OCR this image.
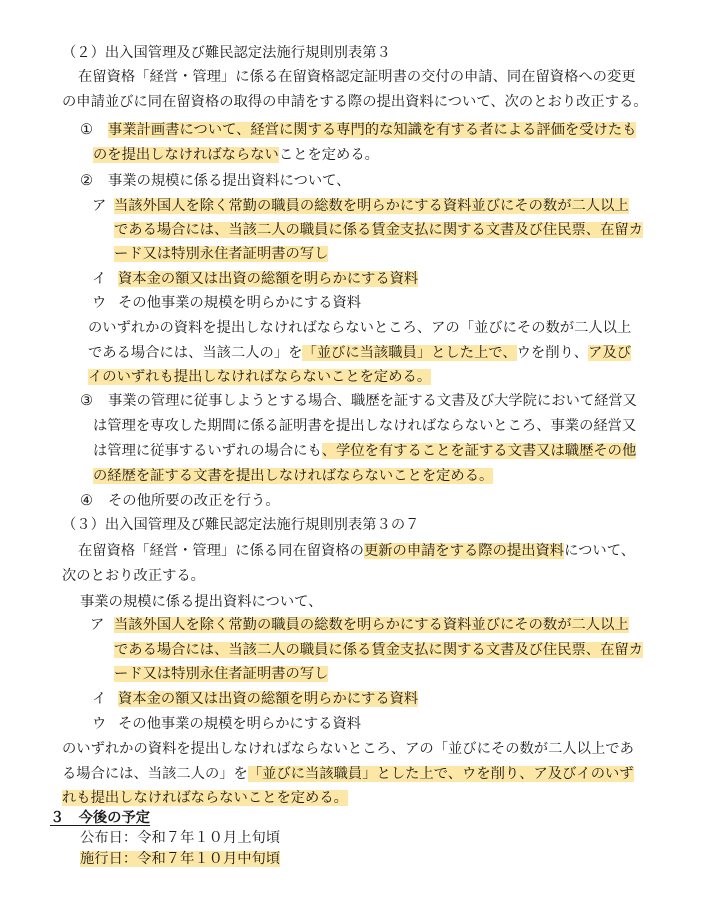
（２）出入国管理及び難民認定法施行規則別表第３
在留資格「経営・管理」に係る在留資格認定証明書の交付の申請、同在留資格への変更
の申請並びに同在留資格の取得の申請をする際の提出資料について、次のとおり改正する。
① 事業計画書について、経営に関する専門的な知識を有する者による評価を受けたも
のを提出しなければならないことを定める。
② 事業の規模に係る提出資料について、
ア 当該外国人を除く常勤の職員の総数を明らかにする資料並びにその数が二人以上
である場合には、当該二人の職員に係る賃金支払に関する文書及び住民票、在留カ
ード又は特別永住者証明書の写し
イ 資本金の額又は出資の総額を明らかにする資料
ウ その他事業の規模を明らかにする資料
のいずれかの資料を提出しなければならないところ、アの「並びにその数が二人以上
である場合には、当該二人の」を「並びに当該職員」とした上で、ウを削り、ア及び
イのいずれも提出しなければならないことを定める。
③ 事業の管理に従事しようとする場合、職歴を証する文書及び大学院において経営又
は管理を専攻した期間に係る証明書を提出しなければならないところ、事業の経営又
は管理に従事するいずれの場合にも、学位を有することを証する文書又は職歴その他
の経歴を証する文書を提出しなければならないことを定める。
④ その他所要の改正を行う。
（３）出入国管理及び難民認定法施行規則別表第３の７
在留資格「経営・管理」に係る同在留資格の更新の申請をする際の提出資料について、
次のとおり改正する。
事業の規模に係る提出資料について、
ア 当該外国人を除く常勤の職員の総数を明らかにする資料並びにその数が二人以上
である場合には、当該二人の職員に係る賃金支払に関する文書及び住民票、在留カ
ード又は特別永住者証明書の写し
イ 資本金の額又は出資の総額を明らかにする資料
ウ その他事業の規模を明らかにする資料
のいずれかの資料を提出しなければならないところ、アの「並びにその数が二人以上であ
る場合には、当該二人の」を「並びに当該職員」とした上で、ウを削り、ア及びイのいず
れも提出しなければならないことを定める。
３　今後の予定
公布日：令和７年１０月上旬頃
施行日：令和７年１０月中旬頃
